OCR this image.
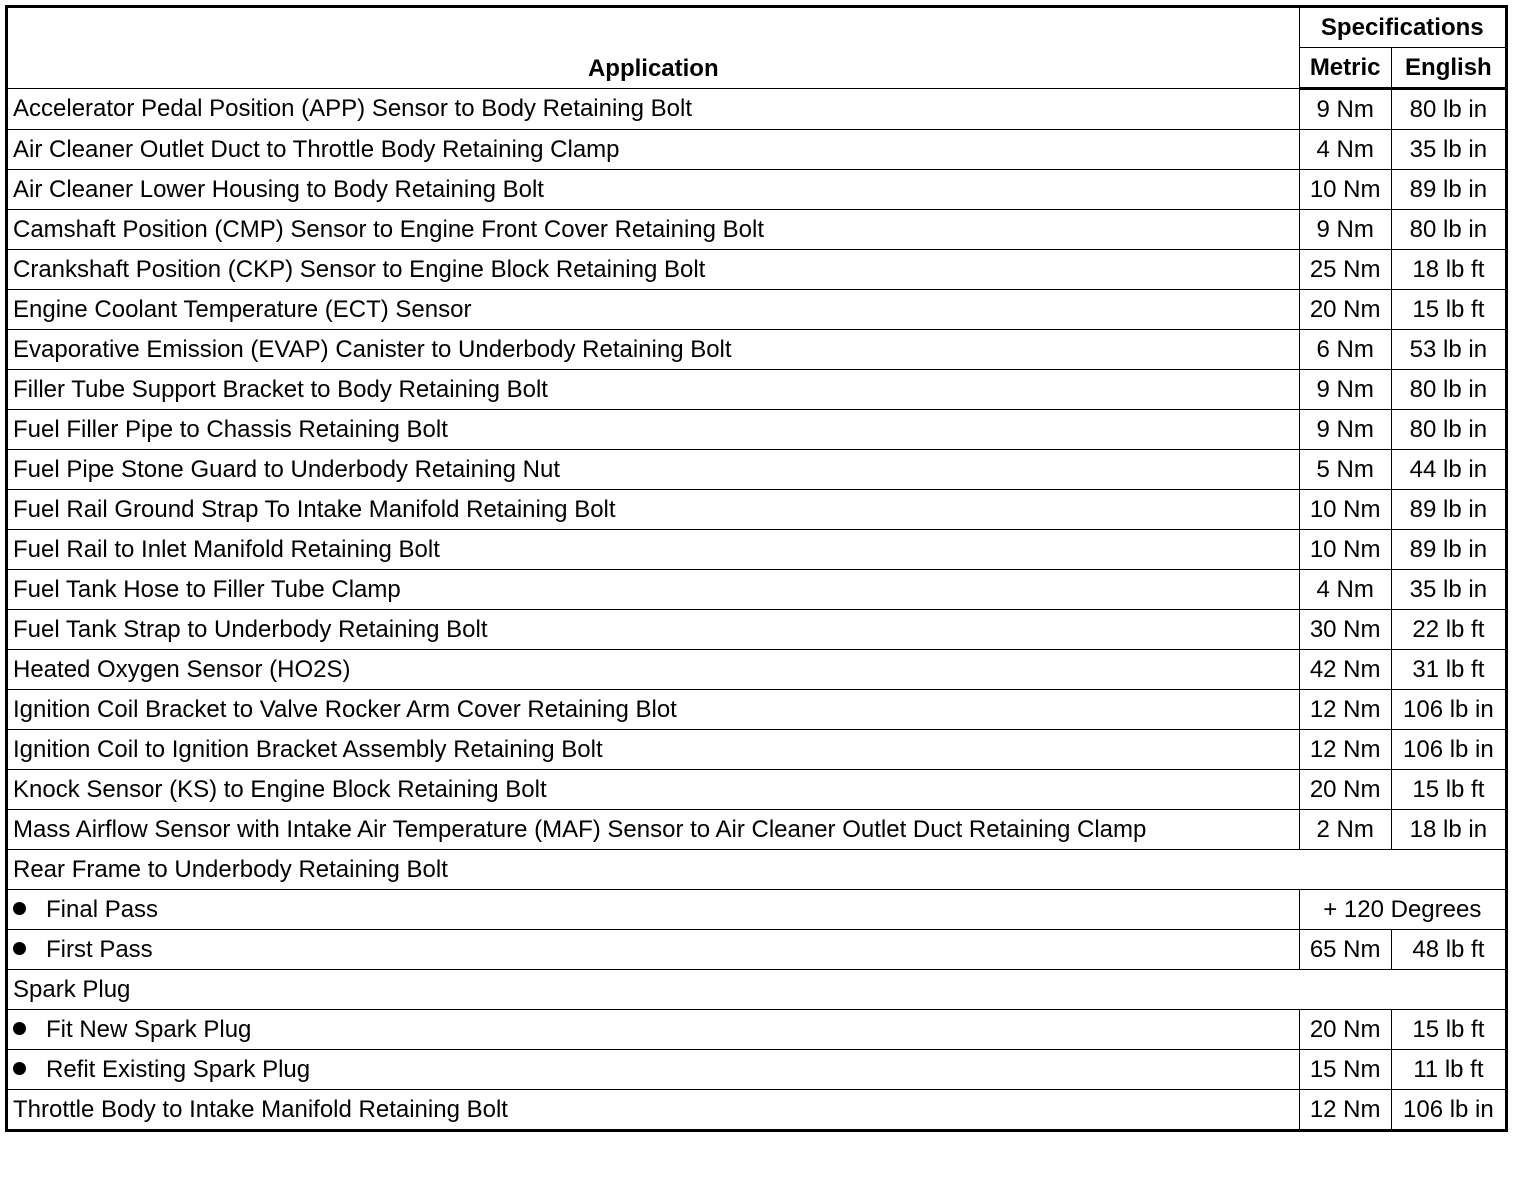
Application	Specifications	
	Metric	English
Accelerator Pedal Position (APP) Sensor to Body Retaining Bolt	9 Nm	80 lb in
Air Cleaner Outlet Duct to Throttle Body Retaining Clamp	4 Nm	35 lb in
Air Cleaner Lower Housing to Body Retaining Bolt	10 Nm	89 lb in
Camshaft Position (CMP) Sensor to Engine Front Cover Retaining Bolt	9 Nm	80 lb in
Crankshaft Position (CKP) Sensor to Engine Block Retaining Bolt	25 Nm	18 lb ft
Engine Coolant Temperature (ECT) Sensor	20 Nm	15 lb ft
Evaporative Emission (EVAP) Canister to Underbody Retaining Bolt	6 Nm	53 lb in
Filler Tube Support Bracket to Body Retaining Bolt	9 Nm	80 lb in
Fuel Filler Pipe to Chassis Retaining Bolt	9 Nm	80 lb in
Fuel Pipe Stone Guard to Underbody Retaining Nut	5 Nm	44 lb in
Fuel Rail Ground Strap To Intake Manifold Retaining Bolt	10 Nm	89 lb in
Fuel Rail to Inlet Manifold Retaining Bolt	10 Nm	89 lb in
Fuel Tank Hose to Filler Tube Clamp	4 Nm	35 lb in
Fuel Tank Strap to Underbody Retaining Bolt	30 Nm	22 lb ft
Heated Oxygen Sensor (HO2S)	42 Nm	31 lb ft
Ignition Coil Bracket to Valve Rocker Arm Cover Retaining Blot	12 Nm	106 lb in
Ignition Coil to Ignition Bracket Assembly Retaining Bolt	12 Nm	106 lb in
Knock Sensor (KS) to Engine Block Retaining Bolt	20 Nm	15 lb ft
Mass Airflow Sensor with Intake Air Temperature (MAF) Sensor to Air Cleaner Outlet Duct Retaining Clamp	2 Nm	18 lb in
Rear Frame to Underbody Retaining Bolt		
Final Pass	+ 120 Degrees	
First Pass	65 Nm	48 lb ft
Spark Plug		
Fit New Spark Plug	20 Nm	15 lb ft
Refit Existing Spark Plug	15 Nm	11 lb ft
Throttle Body to Intake Manifold Retaining Bolt	12 Nm	106 lb in
